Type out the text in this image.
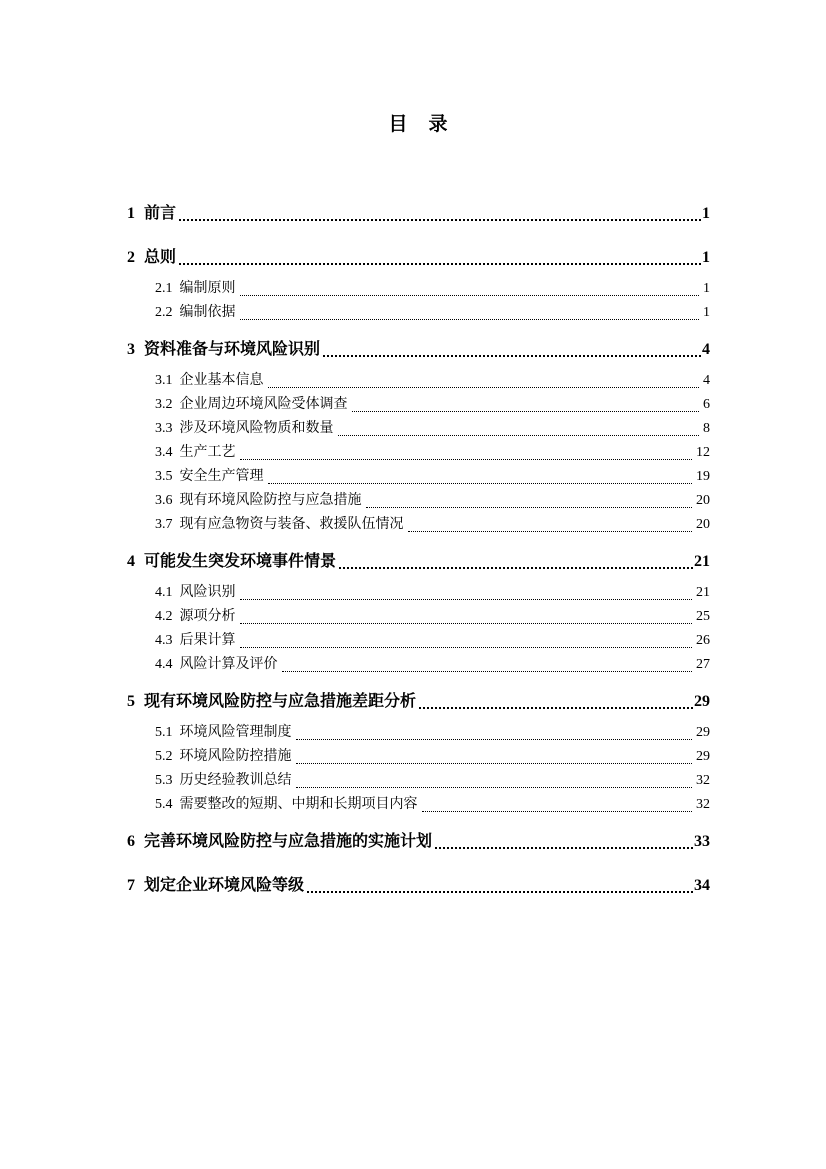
目　录
1 前言	1
2 总则	1
2.1 编制原则	1
2.2 编制依据	1
3 资料准备与环境风险识别	4
3.1 企业基本信息	4
3.2 企业周边环境风险受体调查	6
3.3 涉及环境风险物质和数量	8
3.4 生产工艺	12
3.5 安全生产管理	19
3.6 现有环境风险防控与应急措施	20
3.7 现有应急物资与装备、救援队伍情况	20
4 可能发生突发环境事件情景	21
4.1 风险识别	21
4.2 源项分析	25
4.3 后果计算	26
4.4 风险计算及评价	27
5 现有环境风险防控与应急措施差距分析	29
5.1 环境风险管理制度	29
5.2 环境风险防控措施	29
5.3 历史经验教训总结	32
5.4 需要整改的短期、中期和长期项目内容	32
6 完善环境风险防控与应急措施的实施计划	33
7 划定企业环境风险等级	34
